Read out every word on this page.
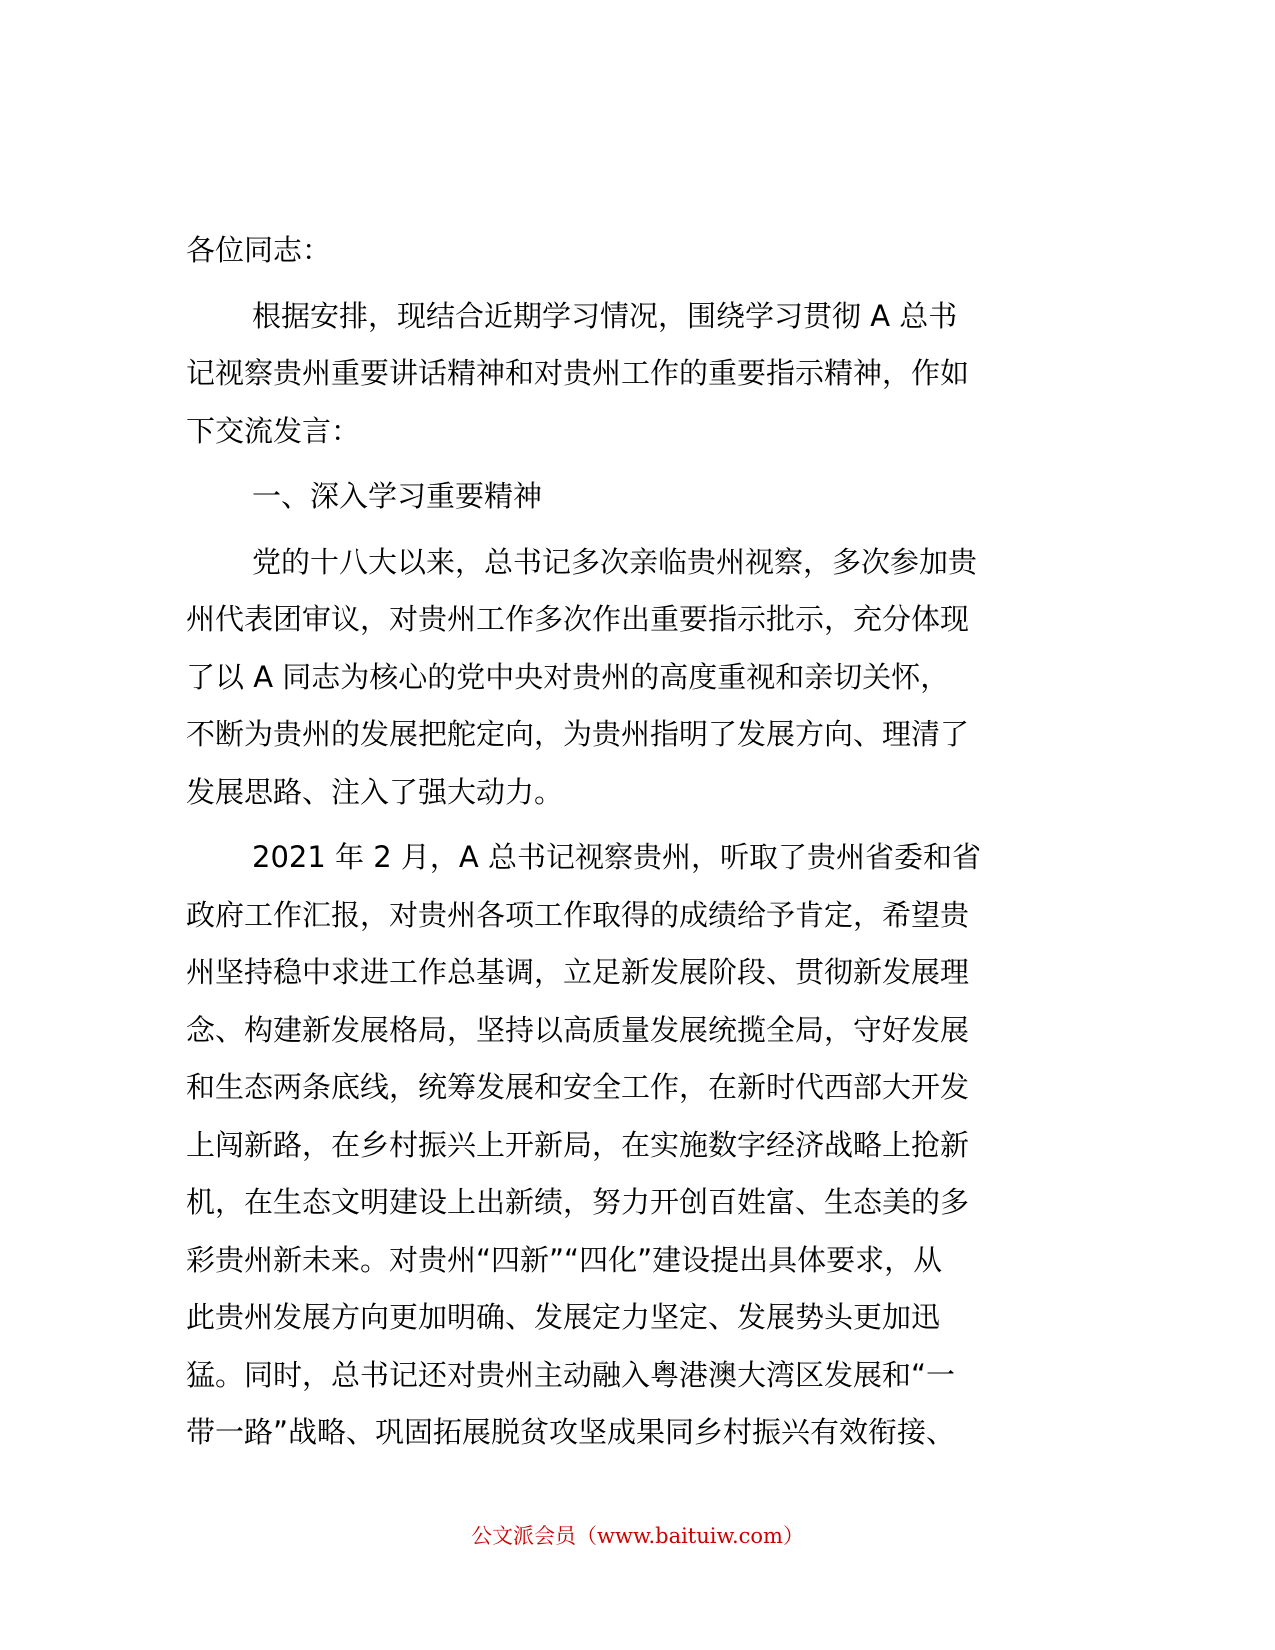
各位同志：
根据安排，现结合近期学习情况，围绕学习贯彻 A 总书
记视察贵州重要讲话精神和对贵州工作的重要指示精神，作如
下交流发言：
一、深入学习重要精神
党的十八大以来，总书记多次亲临贵州视察，多次参加贵
州代表团审议，对贵州工作多次作出重要指示批示，充分体现
了以 A 同志为核心的党中央对贵州的高度重视和亲切关怀，
不断为贵州的发展把舵定向，为贵州指明了发展方向、理清了
发展思路、注入了强大动力。
2021 年 2 月，A 总书记视察贵州，听取了贵州省委和省
政府工作汇报，对贵州各项工作取得的成绩给予肯定，希望贵
州坚持稳中求进工作总基调，立足新发展阶段、贯彻新发展理
念、构建新发展格局，坚持以高质量发展统揽全局，守好发展
和生态两条底线，统筹发展和安全工作，在新时代西部大开发
上闯新路，在乡村振兴上开新局，在实施数字经济战略上抢新
机，在生态文明建设上出新绩，努力开创百姓富、生态美的多
彩贵州新未来。对贵州“四新”“四化”建设提出具体要求，从
此贵州发展方向更加明确、发展定力坚定、发展势头更加迅
猛。同时，总书记还对贵州主动融入粤港澳大湾区发展和“一
带一路”战略、巩固拓展脱贫攻坚成果同乡村振兴有效衔接、
公文派会员（www.baituiw.com）
